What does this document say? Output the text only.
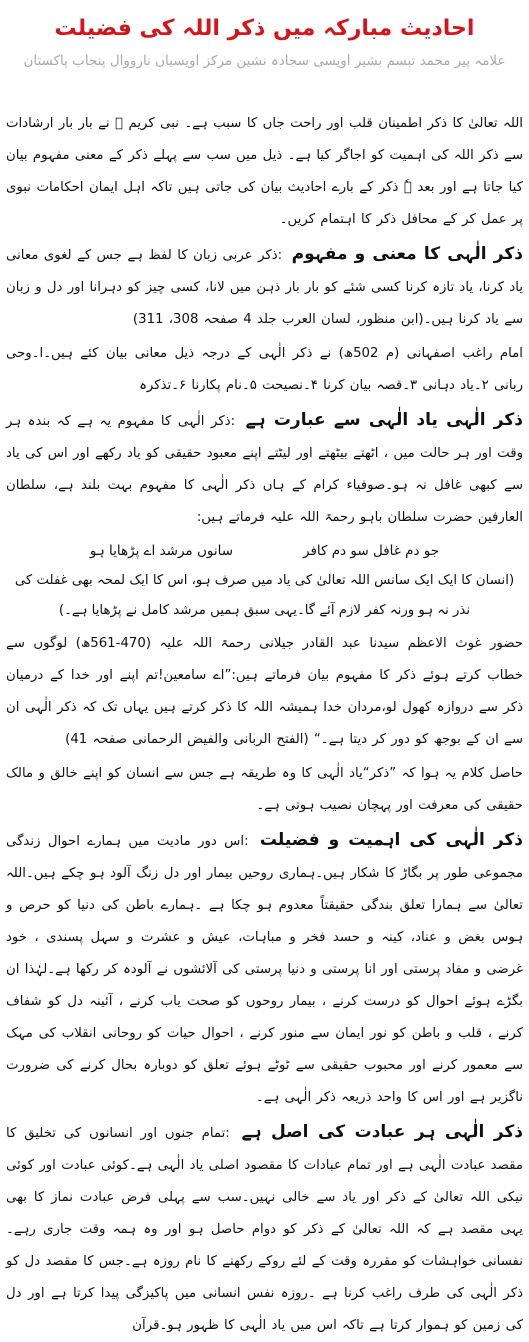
احادیث مبارکہ میں ذکر اللہ کی فضیلت
علامہ پیر محمد تبسم بشیر اویسی سجادہ نشین مرکز اویسیاں نارووال پنجاب پاکستان

اللہ تعالیٰ کا ذکر اطمینان قلب اور راحت جاں کا سبب ہے۔ نبی کریم ﷺ نے بار بار ارشادات سے ذکر اللہ کی اہمیت کو اجاگر کیا ہے۔ ذیل میں سب سے پہلے ذکر کے معنی مفہوم بیان کیا جاتا ہے اور بعد ہٗ ذکر کے بارے احادیث بیان کی جاتی ہیں تاکہ اہل ایمان احکامات نبوی پر عمل کر کے محافل ذکر کا اہتمام کریں۔

ذکر الٰہی کا معنی و مفہوم :ذکر عربی زبان کا لفظ ہے جس کے لغوی معانی یاد کرنا، یاد تازہ کرنا کسی شئے کو بار بار ذہن میں لانا، کسی چیز کو دہرانا اور دل و زبان سے یاد کرنا ہیں۔(ابن منظور، لسان العرب جلد 4 صفحہ 308، 311)

امام راغب اصفہانی (م 502ھ) نے ذکر الٰہی کے درجہ ذیل معانی بیان کئے ہیں۔ا۔وحی ربانی ۲۔یاد دہانی ۳۔قصہ بیان کرنا ۴۔نصیحت ۵۔نام پکارنا ۶۔تذکرہ

ذکر الٰہی یاد الٰہی سے عبارت ہے :ذکر الٰہی کا مفہوم یہ ہے کہ بندہ ہر وقت اور ہر حالت میں ، اٹھتے بیٹھتے اور لیٹتے اپنے معبود حقیقی کو یاد رکھے اور اس کی یاد سے کبھی غافل نہ ہو۔صوفیاء کرام کے ہاں ذکر الٰہی کا مفہوم بہت بلند ہے، سلطان العارفین حضرت سلطان باہو رحمۃ اللہ علیہ فرماتے ہیں:

جو دم غافل سو دم کافر
سانوں مرشد اے پڑھایا ہو

(انسان کا ایک ایک سانس اللہ تعالیٰ کی یاد میں صرف ہو، اس کا ایک لمحہ بھی غفلت کی نذر نہ ہو ورنہ کفر لازم آئے گا۔یہی سبق ہمیں مرشد کامل نے پڑھایا ہے۔)

حضور غوث الاعظم سیدنا عبد القادر جیلانی رحمۃ اللہ علیہ (470-561ھ) لوگوں سے خطاب کرتے ہوئے ذکر کا مفہوم بیان فرماتے ہیں:”اے سامعین!تم اپنے اور خدا کے درمیان ذکر سے دروازہ کھول لو،مردان خدا ہمیشہ اللہ کا ذکر کرتے ہیں یہاں تک کہ ذکر الٰہی ان سے ان کے بوجھ کو دور کر دیتا ہے۔“ (الفتح الربانی والفیض الرحمانی صفحہ 41)

حاصل کلام یہ ہوا کہ ”ذکر“یاد الٰہی کا وہ طریقہ ہے جس سے انسان کو اپنے خالق و مالک حقیقی کی معرفت اور پہچان نصیب ہوتی ہے۔

ذکر الٰہی کی اہمیت و فضیلت :اس دور مادیت میں ہمارے احوال زندگی مجموعی طور پر بگاڑ کا شکار ہیں۔ہماری روحیں بیمار اور دل زنگ آلود ہو چکے ہیں۔اللہ تعالیٰ سے ہمارا تعلق بندگی حقیقتاً معدوم ہو چکا ہے ۔ہمارے باطن کی دنیا کو حرص و ہوس بغض و عناد، کینہ و حسد فخر و مباہات، عیش و عشرت و سہل پسندی ، خود غرضی و مفاد پرستی اور انا پرستی و دنیا پرستی کی آلائشوں نے آلودہ کر رکھا ہے۔لہٰذا ان بگڑے ہوئے احوال کو درست کرنے ، بیمار روحوں کو صحت یاب کرنے ، آئینہ دل کو شفاف کرنے ، قلب و باطن کو نور ایمان سے منور کرنے ، احوال حیات کو روحانی انقلاب کی مہک سے معمور کرنے اور محبوب حقیقی سے ٹوٹے ہوئے تعلق کو دوبارہ بحال کرنے کی ضرورت ناگزیر ہے اور اس کا واحد ذریعہ ذکر الٰہی ہے۔

ذکر الٰہی ہر عبادت کی اصل ہے :تمام جنوں اور انسانوں کی تخلیق کا مقصد عبادت الٰہی ہے اور تمام عبادات کا مقصود اصلی یاد الٰہی ہے۔کوئی عبادت اور کوئی نیکی اللہ تعالیٰ کے ذکر اور یاد سے خالی نہیں۔سب سے پہلی فرض عبادت نماز کا بھی یہی مقصد ہے کہ اللہ تعالیٰ کے ذکر کو دوام حاصل ہو اور وہ ہمہ وقت جاری رہے۔نفسانی خواہشات کو مقررہ وقت کے لئے روکے رکھنے کا نام روزہ ہے۔جس کا مقصد دل کو ذکر الٰہی کی طرف راغب کرنا ہے ۔روزہ نفس انسانی میں پاکیزگی پیدا کرتا ہے اور دل کی زمین کو ہموار کرتا ہے تاکہ اس میں یاد الٰہی کا ظہور ہو۔قرآن
